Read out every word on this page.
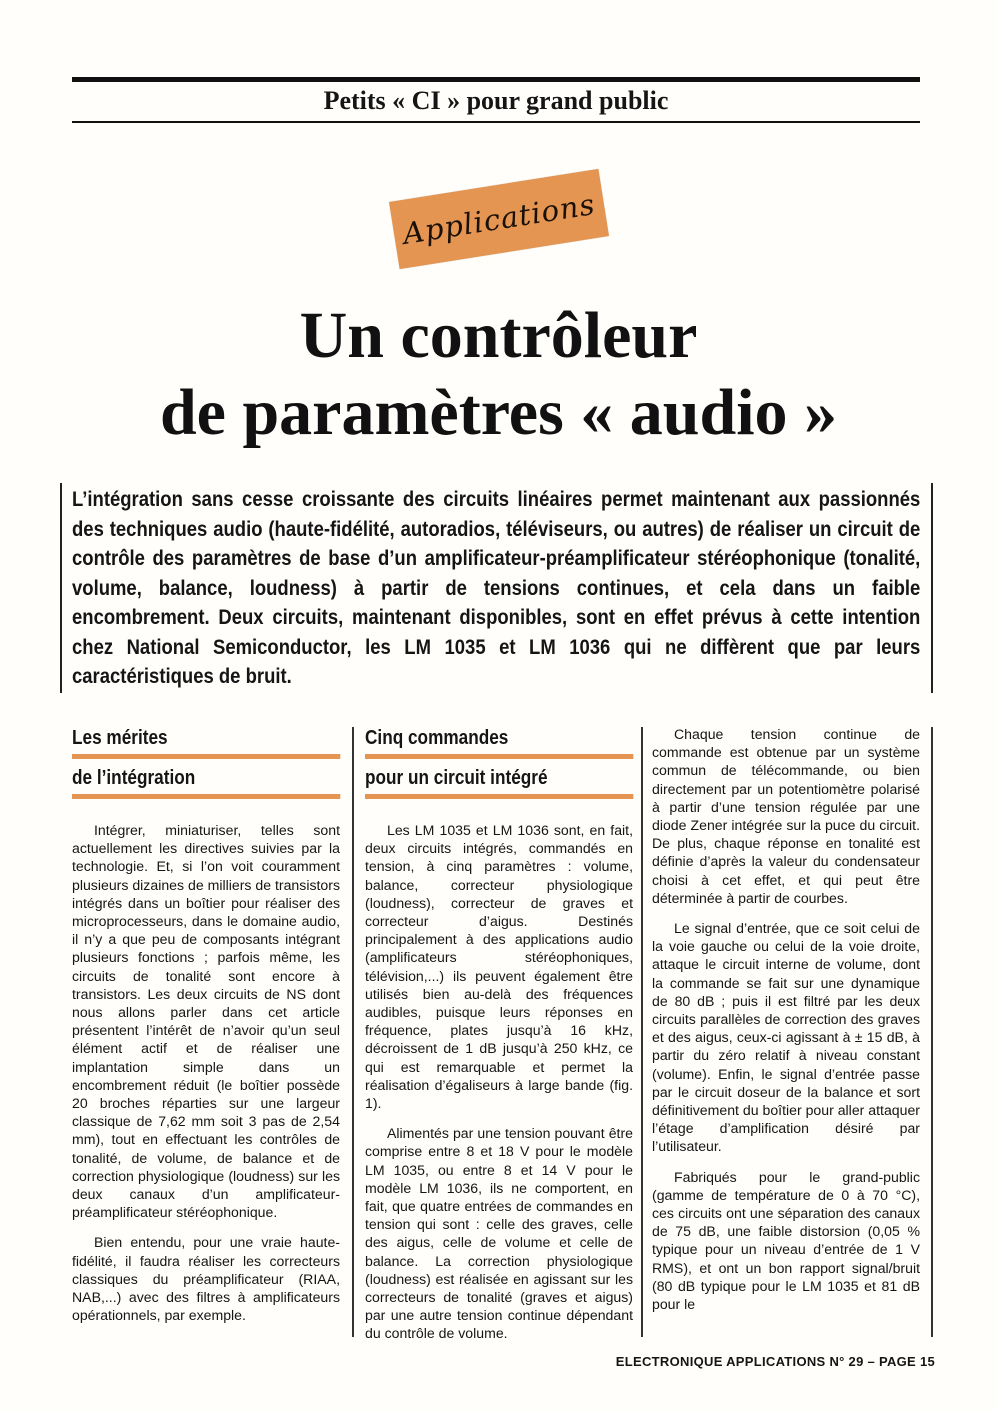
Petits « CI » pour grand public
Applications
Un contrôleur
de paramètres « audio »
L’intégration sans cesse croissante des circuits linéaires permet maintenant aux passionnés des techniques audio (haute-fidélité, autoradios, téléviseurs, ou autres) de réaliser un circuit de contrôle des paramètres de base d’un amplificateur-préamplificateur stéréophonique (tonalité, volume, balance, loudness) à partir de tensions continues, et cela dans un faible encombrement. Deux circuits, maintenant disponibles, sont en effet prévus à cette intention chez National Semiconductor, les LM 1035 et LM 1036 qui ne diffèrent que par leurs caractéristiques de bruit.
Les mérites
de l’intégration

Intégrer, miniaturiser, telles sont actuellement les directives suivies par la technologie. Et, si l’on voit couramment plusieurs dizaines de milliers de transistors intégrés dans un boîtier pour réaliser des microprocesseurs, dans le domaine audio, il n’y a que peu de composants intégrant plusieurs fonctions ; parfois même, les circuits de tonalité sont encore à transistors. Les deux circuits de NS dont nous allons parler dans cet article présentent l’intérêt de n’avoir qu’un seul élément actif et de réaliser une implantation simple dans un encombrement réduit (le boîtier possède 20 broches réparties sur une largeur classique de 7,62 mm soit 3 pas de 2,54 mm), tout en effectuant les contrôles de tonalité, de volume, de balance et de correction physiologique (loudness) sur les deux canaux d’un amplificateur-préamplificateur stéréophonique.

Bien entendu, pour une vraie haute-fidélité, il faudra réaliser les correcteurs classiques du préamplificateur (RIAA, NAB,...) avec des filtres à amplificateurs opérationnels, par exemple.

Cinq commandes
pour un circuit intégré

Les LM 1035 et LM 1036 sont, en fait, deux circuits intégrés, commandés en tension, à cinq paramètres : volume, balance, correcteur physiologique (loudness), correcteur de graves et correcteur d’aigus. Destinés principalement à des applications audio (amplificateurs stéréophoniques, télévision,...) ils peuvent également être utilisés bien au-delà des fréquences audibles, puisque leurs réponses en fréquence, plates jusqu’à 16 kHz, décroissent de 1 dB jusqu’à 250 kHz, ce qui est remarquable et permet la réalisation d’égaliseurs à large bande (fig. 1).

Alimentés par une tension pouvant être comprise entre 8 et 18 V pour le modèle LM 1035, ou entre 8 et 14 V pour le modèle LM 1036, ils ne comportent, en fait, que quatre entrées de commandes en tension qui sont : celle des graves, celle des aigus, celle de volume et celle de balance. La correction physiologique (loudness) est réalisée en agissant sur les correcteurs de tonalité (graves et aigus) par une autre tension continue dépendant du contrôle de volume.

Chaque tension continue de commande est obtenue par un système commun de télécommande, ou bien directement par un potentiomètre polarisé à partir d’une tension régulée par une diode Zener intégrée sur la puce du circuit. De plus, chaque réponse en tonalité est définie d’après la valeur du condensateur choisi à cet effet, et qui peut être déterminée à partir de courbes.

Le signal d’entrée, que ce soit celui de la voie gauche ou celui de la voie droite, attaque le circuit interne de volume, dont la commande se fait sur une dynamique de 80 dB ; puis il est filtré par les deux circuits parallèles de correction des graves et des aigus, ceux-ci agissant à ± 15 dB, à partir du zéro relatif à niveau constant (volume). Enfin, le signal d’entrée passe par le circuit doseur de la balance et sort définitivement du boîtier pour aller attaquer l’étage d’amplification désiré par l’utilisateur.

Fabriqués pour le grand-public (gamme de température de 0 à 70 °C), ces circuits ont une séparation des canaux de 75 dB, une faible distorsion (0,05 % typique pour un niveau d’entrée de 1 V RMS), et ont un bon rapport signal/bruit (80 dB typique pour le LM 1035 et 81 dB pour le

ELECTRONIQUE APPLICATIONS N° 29 – PAGE 15
